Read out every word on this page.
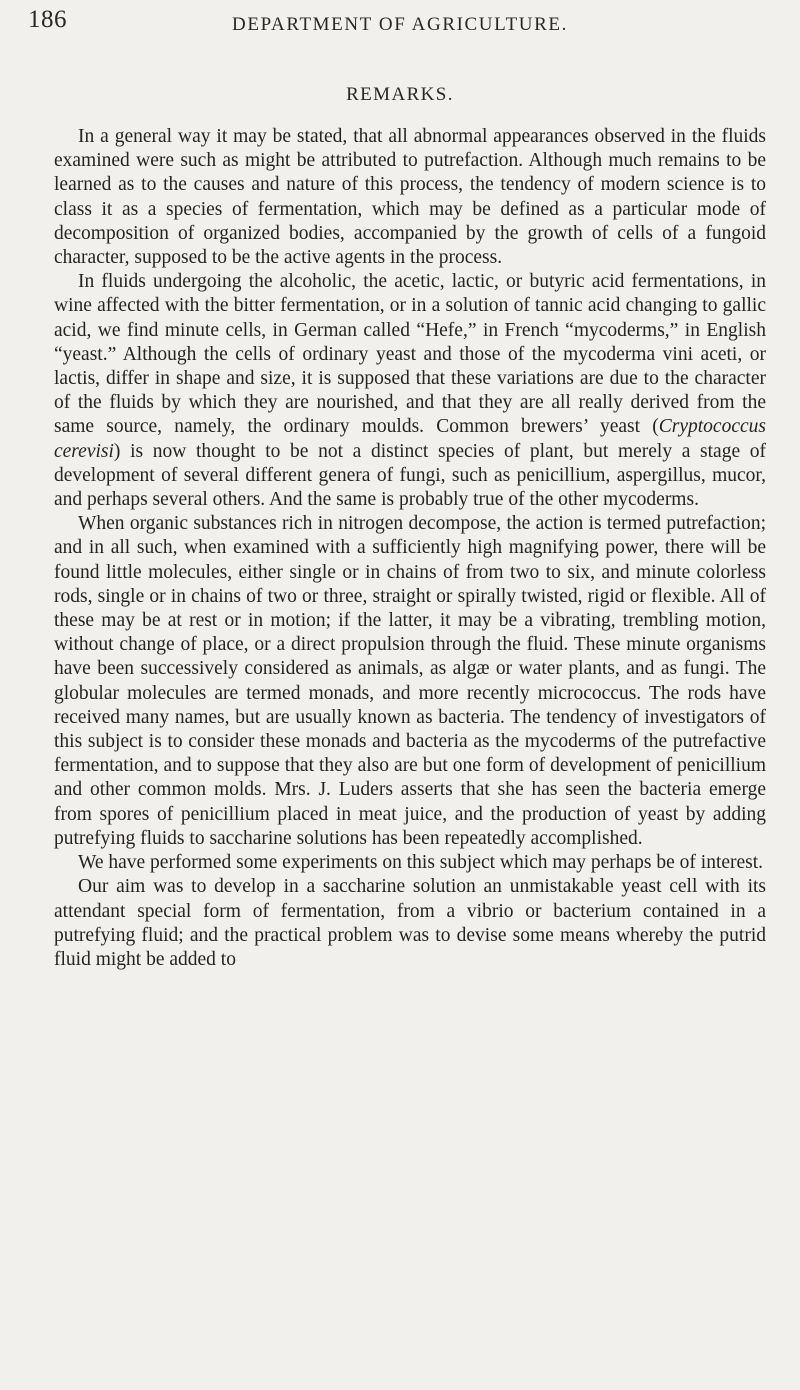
186	DEPARTMENT OF AGRICULTURE.
REMARKS.

In a general way it may be stated, that all abnormal appearances observed in the fluids examined were such as might be attributed to putrefaction. Although much remains to be learned as to the causes and nature of this process, the tendency of modern science is to class it as a species of fermentation, which may be defined as a particular mode of decomposition of organized bodies, accompanied by the growth of cells of a fungoid character, supposed to be the active agents in the process.

In fluids undergoing the alcoholic, the acetic, lactic, or butyric acid fermentations, in wine affected with the bitter fermentation, or in a solution of tannic acid changing to gallic acid, we find minute cells, in German called “Hefe,” in French “mycoderms,” in English “yeast.” Although the cells of ordinary yeast and those of the mycoderma vini aceti, or lactis, differ in shape and size, it is supposed that these variations are due to the character of the fluids by which they are nourished, and that they are all really derived from the same source, namely, the ordinary moulds. Common brewers’ yeast (Cryptococcus cerevisi) is now thought to be not a distinct species of plant, but merely a stage of development of several different genera of fungi, such as penicillium, aspergillus, mucor, and perhaps several others. And the same is probably true of the other mycoderms.

When organic substances rich in nitrogen decompose, the action is termed putrefaction; and in all such, when examined with a sufficiently high magnifying power, there will be found little molecules, either single or in chains of from two to six, and minute colorless rods, single or in chains of two or three, straight or spirally twisted, rigid or flexible. All of these may be at rest or in motion; if the latter, it may be a vibrating, trembling motion, without change of place, or a direct propulsion through the fluid. These minute organisms have been successively considered as animals, as algæ or water plants, and as fungi. The globular molecules are termed monads, and more recently micrococcus. The rods have received many names, but are usually known as bacteria. The tendency of investigators of this subject is to consider these monads and bacteria as the mycoderms of the putrefactive fermentation, and to suppose that they also are but one form of development of penicillium and other common molds. Mrs. J. Luders asserts that she has seen the bacteria emerge from spores of penicillium placed in meat juice, and the production of yeast by adding putrefying fluids to saccharine solutions has been repeatedly accomplished.

We have performed some experiments on this subject which may perhaps be of interest.

Our aim was to develop in a saccharine solution an unmistakable yeast cell with its attendant special form of fermentation, from a vibrio or bacterium contained in a putrefying fluid; and the practical problem was to devise some means whereby the putrid fluid might be added to
